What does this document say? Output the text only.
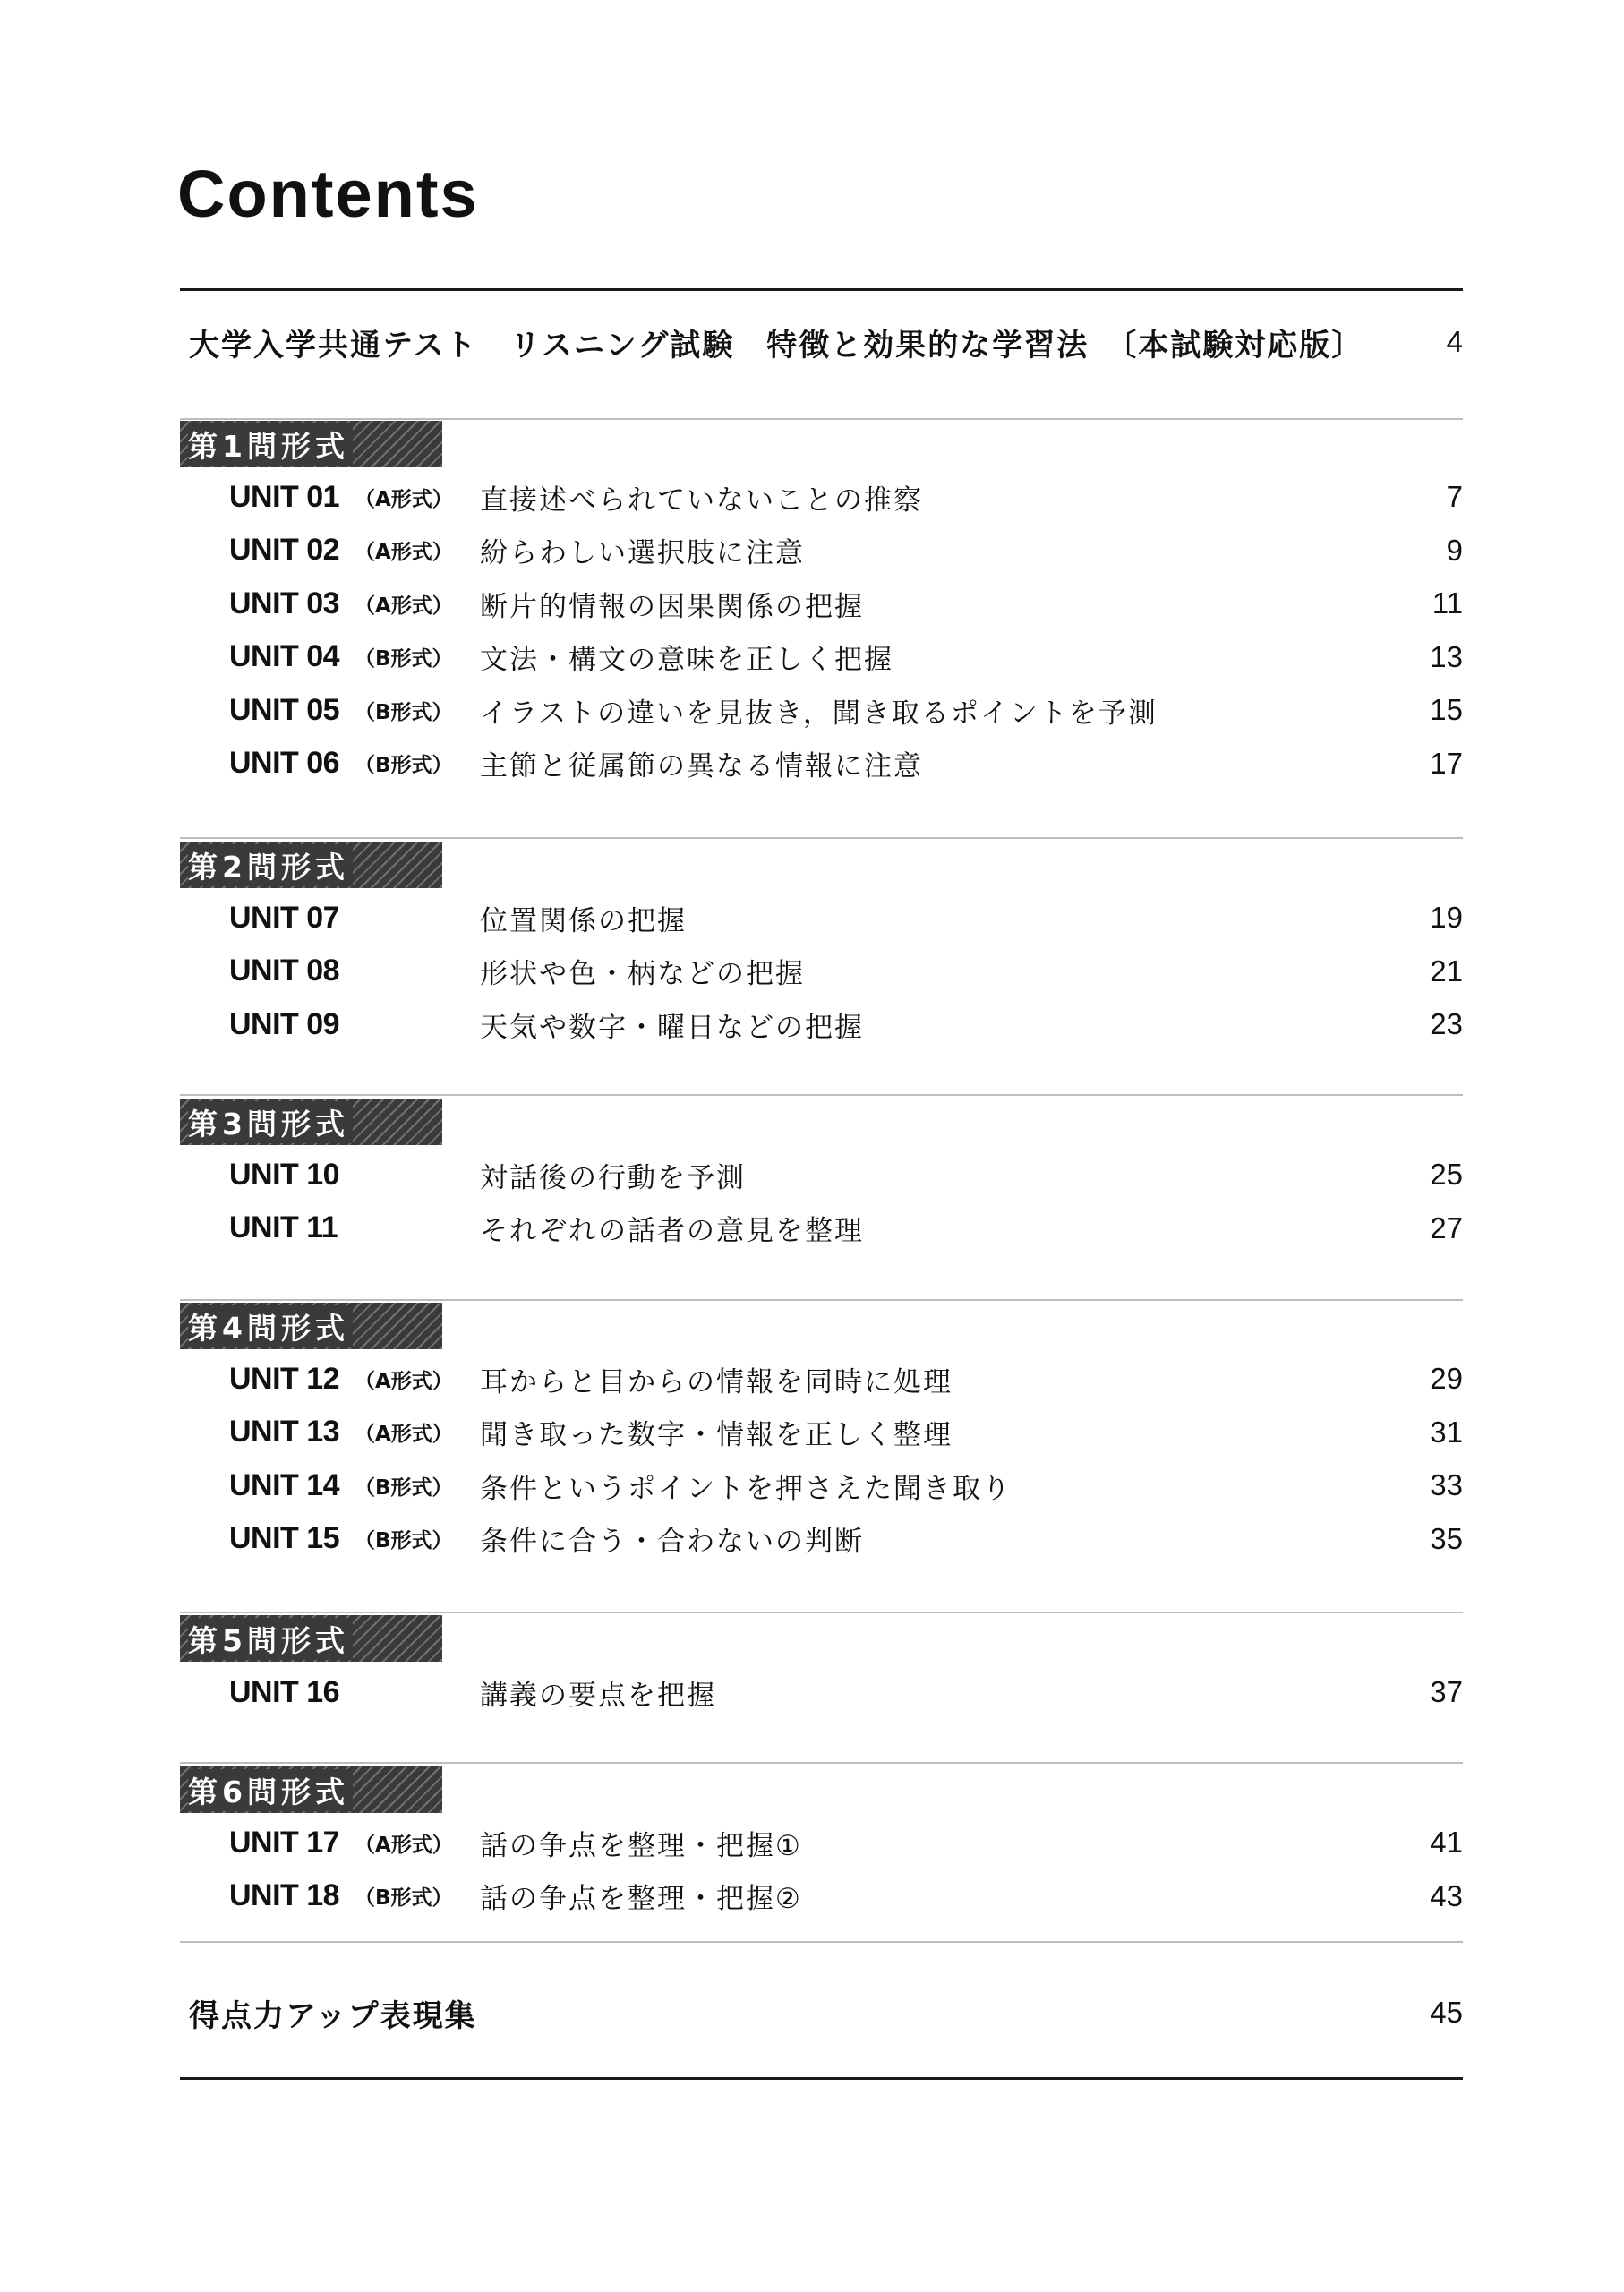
Contents
大学入学共通テスト　リスニング試験　特徴と効果的な学習法　〔本試験対応版〕	4
第1問形式
UNIT 01 （A形式） 直接述べられていないことの推察	7
UNIT 02 （A形式） 紛らわしい選択肢に注意	9
UNIT 03 （A形式） 断片的情報の因果関係の把握	11
UNIT 04 （B形式） 文法・構文の意味を正しく把握	13
UNIT 05 （B形式） イラストの違いを見抜き，聞き取るポイントを予測	15
UNIT 06 （B形式） 主節と従属節の異なる情報に注意	17
第2問形式
UNIT 07	位置関係の把握	19
UNIT 08	形状や色・柄などの把握	21
UNIT 09	天気や数字・曜日などの把握	23
第3問形式
UNIT 10	対話後の行動を予測	25
UNIT 11	それぞれの話者の意見を整理	27
第4問形式
UNIT 12 （A形式） 耳からと目からの情報を同時に処理	29
UNIT 13 （A形式） 聞き取った数字・情報を正しく整理	31
UNIT 14 （B形式） 条件というポイントを押さえた聞き取り	33
UNIT 15 （B形式） 条件に合う・合わないの判断	35
第5問形式
UNIT 16	講義の要点を把握	37
第6問形式
UNIT 17 （A形式） 話の争点を整理・把握①	41
UNIT 18 （B形式） 話の争点を整理・把握②	43
得点力アップ表現集	45
